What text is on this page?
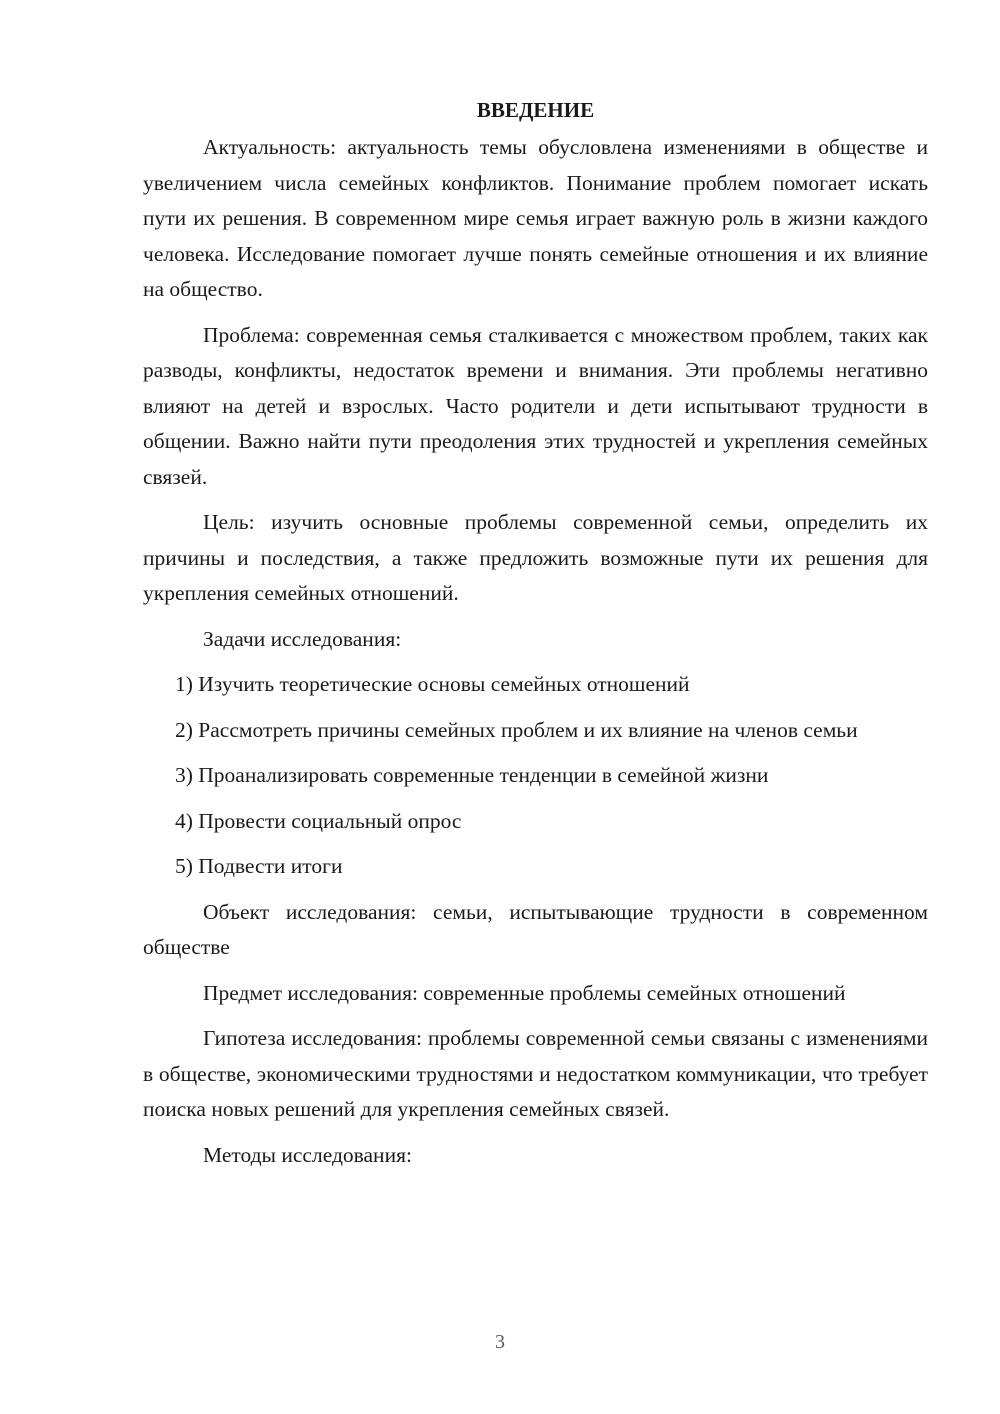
ВВЕДЕНИЕ

Актуальность: актуальность темы обусловлена изменениями в обществе и увеличением числа семейных конфликтов. Понимание проблем помогает искать пути их решения. В современном мире семья играет важную роль в жизни каждого человека. Исследование помогает лучше понять семейные отношения и их влияние на общество.

Проблема: современная семья сталкивается с множеством проблем, таких как разводы, конфликты, недостаток времени и внимания. Эти проблемы негативно влияют на детей и взрослых. Часто родители и дети испытывают трудности в общении. Важно найти пути преодоления этих трудностей и укрепления семейных связей.

Цель: изучить основные проблемы современной семьи, определить их причины и последствия, а также предложить возможные пути их решения для укрепления семейных отношений.

Задачи исследования:

1) Изучить теоретические основы семейных отношений

2) Рассмотреть причины семейных проблем и их влияние на членов семьи

3) Проанализировать современные тенденции в семейной жизни

4) Провести социальный опрос

5) Подвести итоги

Объект исследования: семьи, испытывающие трудности в современном обществе

Предмет исследования: современные проблемы семейных отношений

Гипотеза исследования: проблемы современной семьи связаны с изменениями в обществе, экономическими трудностями и недостатком коммуникации, что требует поиска новых решений для укрепления семейных связей.

Методы исследования:

3
